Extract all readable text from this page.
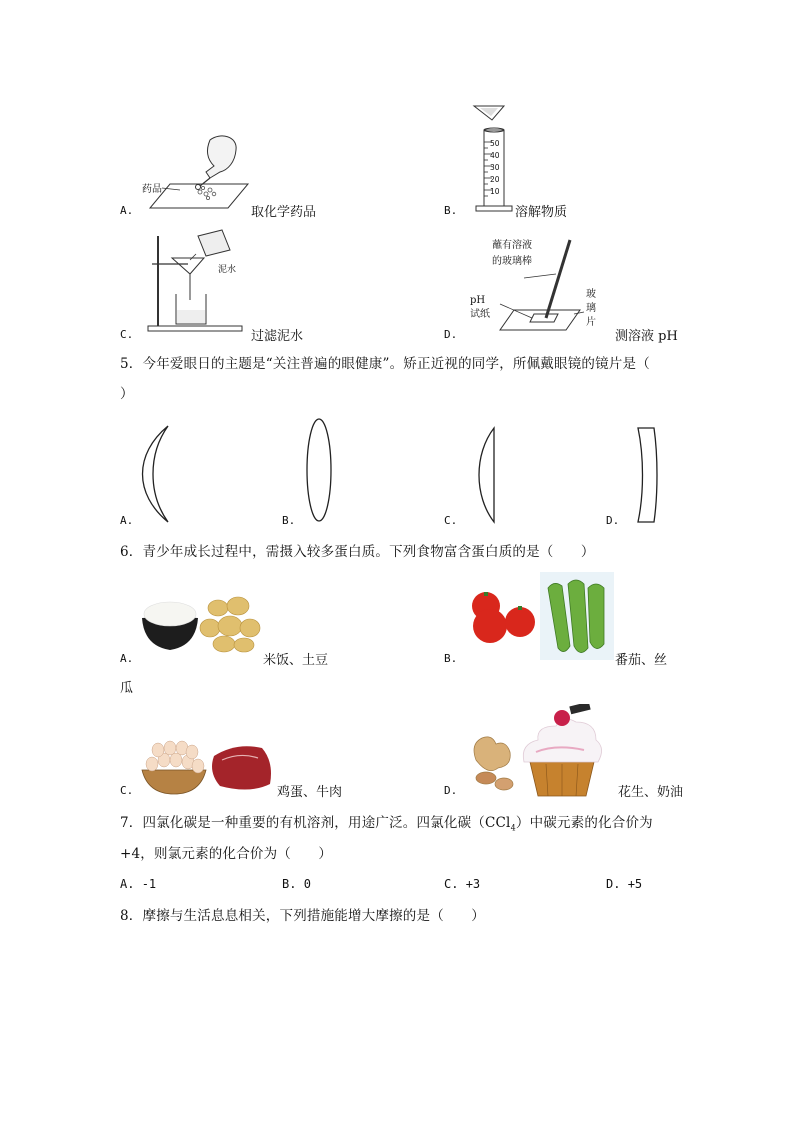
药品
A.	取化学药品
50
40
30
20
10
B.	溶解物质
泥水
C.	过滤泥水
蘸有溶液
的玻璃棒
pH
试纸
玻
璃
片
D.	测溶液 pH
5．今年爱眼日的主题是“关注普遍的眼健康”。矫正近视的同学，所佩戴眼镜的镜片是（
）
A.	B.	C.	D.
6．青少年成长过程中，需摄入较多蛋白质。下列食物富含蛋白质的是（　　）
A.	米饭、土豆	B.	番茄、丝
瓜
C.	鸡蛋、牛肉	D.	花生、奶油
7．四氯化碳是一种重要的有机溶剂，用途广泛。四氯化碳（CCl$_4$）中碳元素的化合价为
+4，则氯元素的化合价为（　　）
A. -1	B. 0	C. +3	D. +5
8．摩擦与生活息息相关，下列措施能增大摩擦的是（　　）
